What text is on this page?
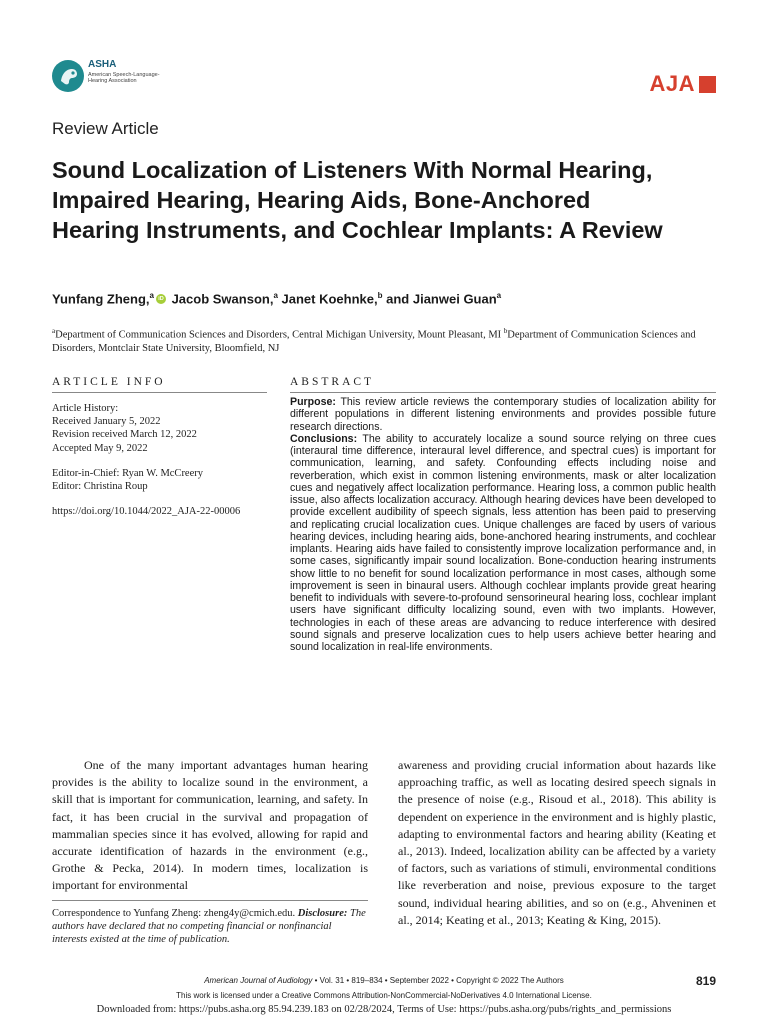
ASHA
American Speech-Language-Hearing Association	AJA
Review Article
Sound Localization of Listeners With Normal Hearing, Impaired Hearing, Hearing Aids, Bone-Anchored Hearing Instruments, and Cochlear Implants: A Review
Yunfang Zheng,$^a$ iD Jacob Swanson,$^a$ Janet Koehnke,$^b$ and Jianwei Guan$^a$
$^a$Department of Communication Sciences and Disorders, Central Michigan University, Mount Pleasant, MI $^b$Department of Communication Sciences and Disorders, Montclair State University, Bloomfield, NJ
ARTICLE INFO
Article History:
Received January 5, 2022
Revision received March 12, 2022
Accepted May 9, 2022
Editor-in-Chief: Ryan W. McCreery
Editor: Christina Roup
https://doi.org/10.1044/2022_AJA-22-00006
ABSTRACT

Purpose: This review article reviews the contemporary studies of localization ability for different populations in different listening environments and provides possible future research directions.

Conclusions: The ability to accurately localize a sound source relying on three cues (interaural time difference, interaural level difference, and spectral cues) is important for communication, learning, and safety. Confounding effects including noise and reverberation, which exist in common listening environments, mask or alter localization cues and negatively affect localization performance. Hearing loss, a common public health issue, also affects localization accuracy. Although hearing devices have been developed to provide excellent audibility of speech signals, less attention has been paid to preserving and replicating crucial localization cues. Unique challenges are faced by users of various hearing devices, including hearing aids, bone-anchored hearing instruments, and cochlear implants. Hearing aids have failed to consistently improve localization performance and, in some cases, significantly impair sound localization. Bone-conduction hearing instruments show little to no benefit for sound localization performance in most cases, although some improvement is seen in binaural users. Although cochlear implants provide great hearing benefit to individuals with severe-to-profound sensorineural hearing loss, cochlear implant users have significant difficulty localizing sound, even with two implants. However, technologies in each of these areas are advancing to reduce interference with desired sound signals and preserve localization cues to help users achieve better hearing and sound localization in real-life environments.

One of the many important advantages human hearing provides is the ability to localize sound in the environment, a skill that is important for communication, learning, and safety. In fact, it has been crucial in the survival and propagation of mammalian species since it has evolved, allowing for rapid and accurate identification of hazards in the environment (e.g., Grothe & Pecka, 2014). In modern times, localization is important for environmental
awareness and providing crucial information about hazards like approaching traffic, as well as locating desired speech signals in the presence of noise (e.g., Risoud et al., 2018). This ability is dependent on experience in the environment and is highly plastic, adapting to environmental factors and hearing ability (Keating et al., 2013). Indeed, localization ability can be affected by a variety of factors, such as variations of stimuli, environmental conditions like reverberation and noise, previous exposure to the target sound, individual hearing abilities, and so on (e.g., Ahveninen et al., 2014; Keating et al., 2013; Keating & King, 2015).
Correspondence to Yunfang Zheng: zheng4y@cmich.edu. Disclosure: The authors have declared that no competing financial or nonfinancial interests existed at the time of publication.
American Journal of Audiology • Vol. 31 • 819–834 • September 2022 • Copyright © 2022 The Authors	819
This work is licensed under a Creative Commons Attribution-NonCommercial-NoDerivatives 4.0 International License.
Downloaded from: https://pubs.asha.org 85.94.239.183 on 02/28/2024, Terms of Use: https://pubs.asha.org/pubs/rights_and_permissions
